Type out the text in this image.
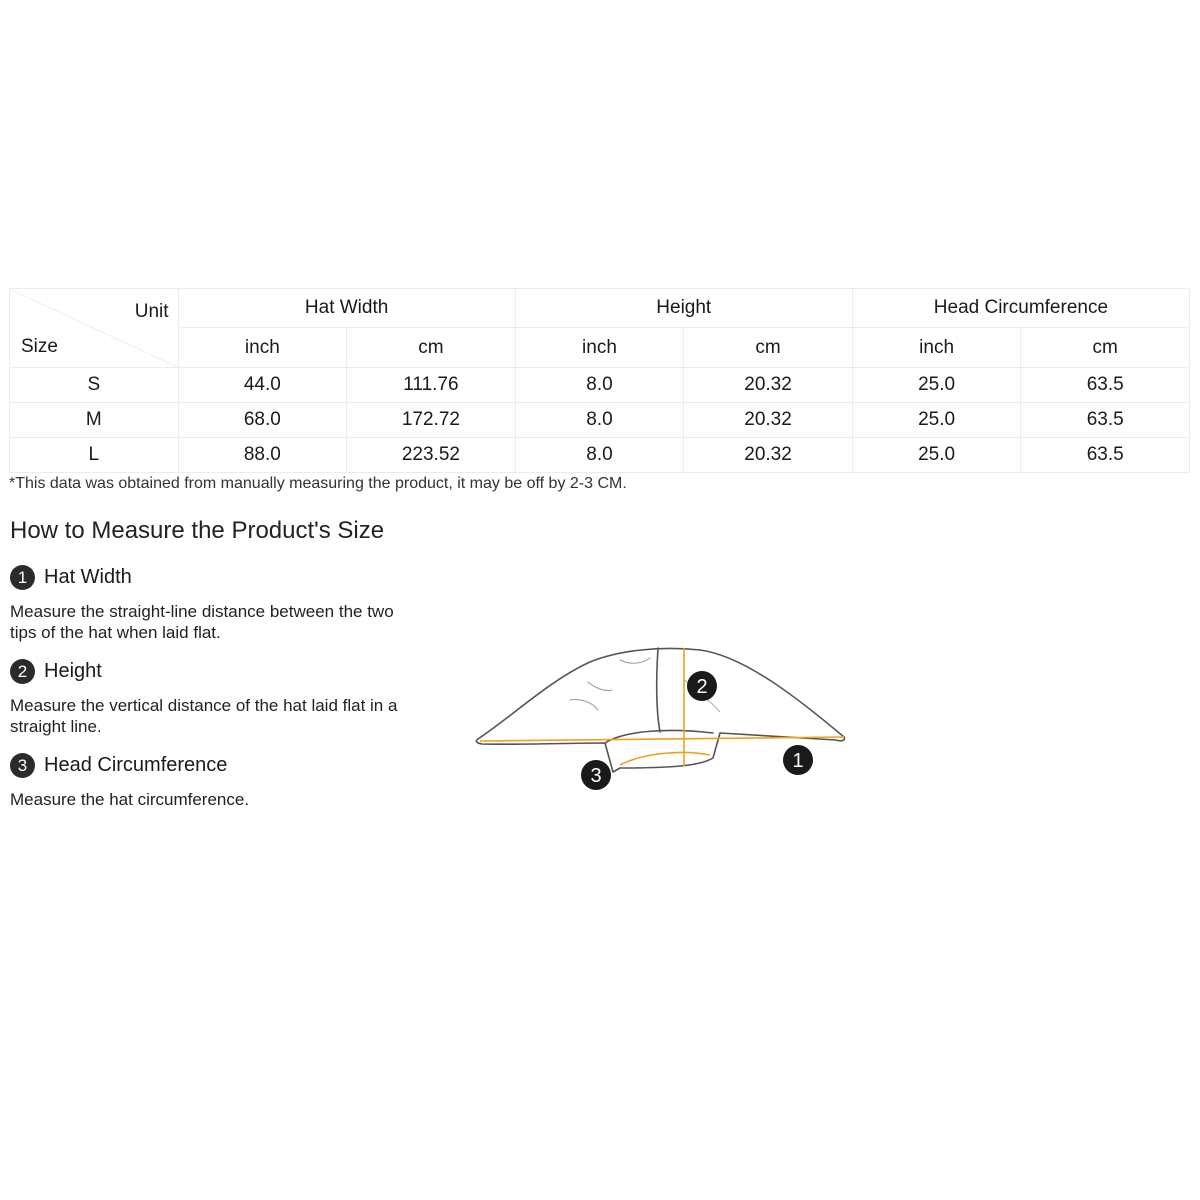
Unit
Size	Hat Width		Height		Head Circumference	
	inch	cm	inch	cm	inch	cm
S	44.0	111.76	8.0	20.32	25.0	63.5
M	68.0	172.72	8.0	20.32	25.0	63.5
L	88.0	223.52	8.0	20.32	25.0	63.5
*This data was obtained from manually measuring the product, it may be off by 2-3 CM.
How to Measure the Product's Size
1 Hat Width
Measure the straight-line distance between the two tips of the hat when laid flat.
2 Height
Measure the vertical distance of the hat laid flat in a straight line.
3 Head Circumference
Measure the hat circumference.
2
3
1
